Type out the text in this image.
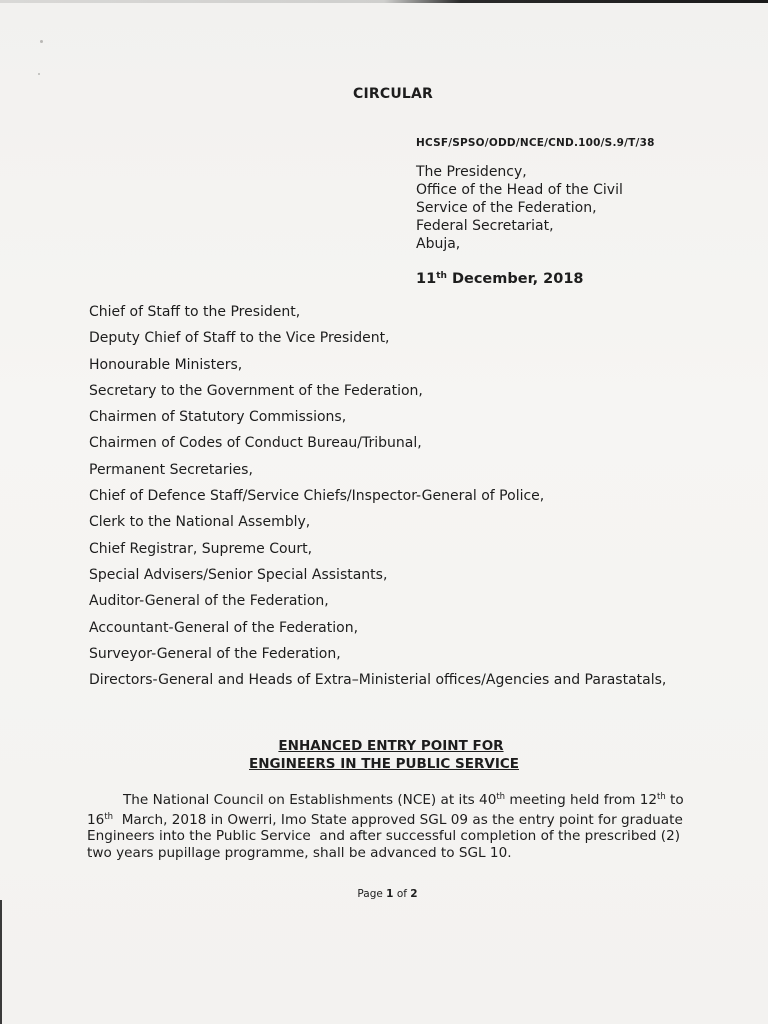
CIRCULAR
HCSF/SPSO/ODD/NCE/CND.100/S.9/T/38
The Presidency,
Office of the Head of the Civil
Service of the Federation,
Federal Secretariat,
Abuja,
11th December, 2018
Chief of Staff to the President,
Deputy Chief of Staff to the Vice President,
Honourable Ministers,
Secretary to the Government of the Federation,
Chairmen of Statutory Commissions,
Chairmen of Codes of Conduct Bureau/Tribunal,
Permanent Secretaries,
Chief of Defence Staff/Service Chiefs/Inspector-General of Police,
Clerk to the National Assembly,
Chief Registrar, Supreme Court,
Special Advisers/Senior Special Assistants,
Auditor-General of the Federation,
Accountant-General of the Federation,
Surveyor-General of the Federation,
Directors-General and Heads of Extra–Ministerial offices/Agencies and Parastatals,
ENHANCED ENTRY POINT FOR
ENGINEERS IN THE PUBLIC SERVICE
The National Council on Establishments (NCE) at its 40th meeting held from 12th to
16th  March, 2018 in Owerri, Imo State approved SGL 09 as the entry point for graduate
Engineers into the Public Service  and after successful completion of the prescribed (2)
two years pupillage programme, shall be advanced to SGL 10.
Page 1 of 2
